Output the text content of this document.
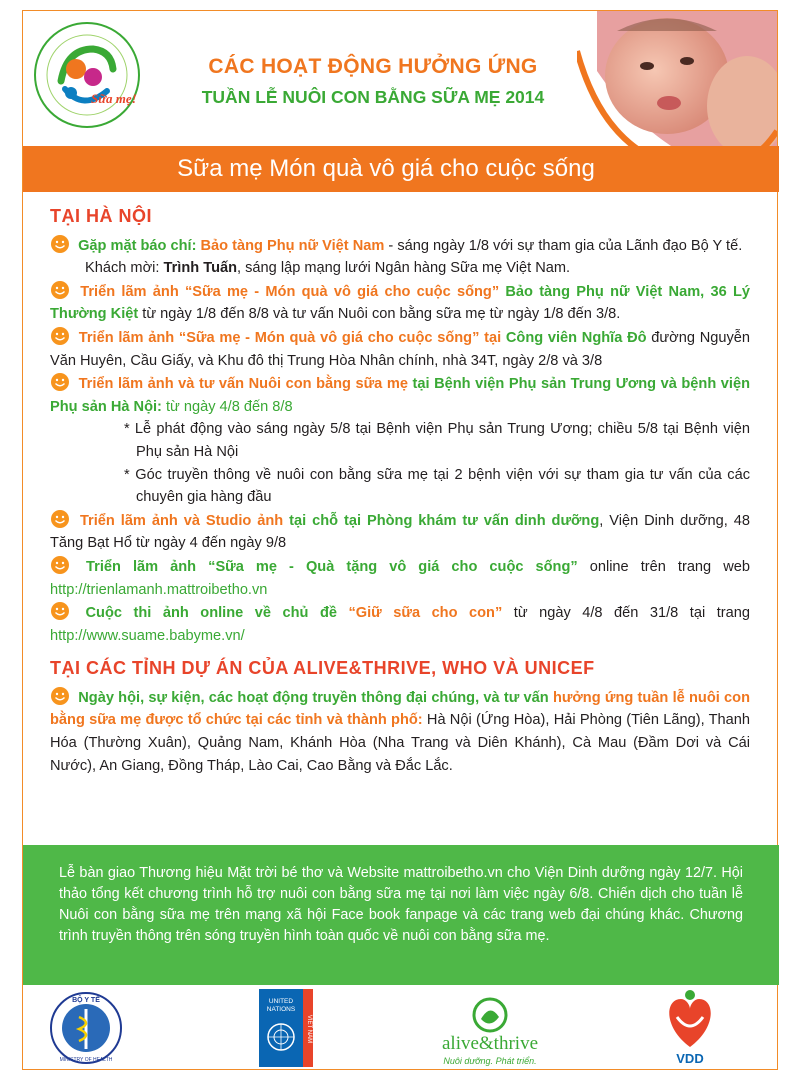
Sữa mẹ!
CÁC HOẠT ĐỘNG HƯỞNG ỨNG
TUẦN LỄ NUÔI CON BẰNG SỮA MẸ 2014
Sữa mẹ Món quà vô giá cho cuộc sống
TẠI HÀ NỘI
Gặp mặt báo chí: Bảo tàng Phụ nữ Việt Nam - sáng ngày 1/8 với sự tham gia của Lãnh đạo Bộ Y tế.
Khách mời: Trình Tuấn, sáng lập mạng lưới Ngân hàng Sữa mẹ Việt Nam.
Triển lãm ảnh “Sữa mẹ - Món quà vô giá cho cuộc sống” Bảo tàng Phụ nữ Việt Nam, 36 Lý Thường Kiệt từ ngày 1/8 đến 8/8 và tư vấn Nuôi con bằng sữa mẹ từ ngày 1/8 đến 3/8.
Triển lãm ảnh “Sữa mẹ - Món quà vô giá cho cuộc sống” tại Công viên Nghĩa Đô đường Nguyễn Văn Huyên, Cầu Giấy, và Khu đô thị Trung Hòa Nhân chính, nhà 34T, ngày 2/8 và 3/8
Triển lãm ảnh và tư vấn Nuôi con bằng sữa mẹ tại Bệnh viện Phụ sản Trung Ương và bệnh viện Phụ sản Hà Nội: từ ngày 4/8 đến 8/8
* Lễ phát động vào sáng ngày 5/8 tại Bệnh viện Phụ sản Trung Ương; chiều 5/8 tại Bệnh viện Phụ sản Hà Nội
* Góc truyền thông về nuôi con bằng sữa mẹ tại 2 bệnh viện với sự tham gia tư vấn của các chuyên gia hàng đầu
Triển lãm ảnh và Studio ảnh tại chỗ tại Phòng khám tư vấn dinh dưỡng, Viện Dinh dưỡng, 48 Tăng Bạt Hổ từ ngày 4 đến ngày 9/8
Triển lãm ảnh “Sữa mẹ - Quà tặng vô giá cho cuộc sống” online trên trang web http://trienlamanh.mattroibetho.vn
Cuộc thi ảnh online về chủ đề “Giữ sữa cho con” từ ngày 4/8 đến 31/8 tại trang http://www.suame.babyme.vn/
TẠI CÁC TỈNH DỰ ÁN CỦA ALIVE&THRIVE, WHO VÀ UNICEF
Ngày hội, sự kiện, các hoạt động truyền thông đại chúng, và tư vấn hưởng ứng tuần lễ nuôi con bằng sữa mẹ được tổ chức tại các tỉnh và thành phố: Hà Nội (Ứng Hòa), Hải Phòng (Tiên Lãng), Thanh Hóa (Thường Xuân), Quảng Nam, Khánh Hòa (Nha Trang và Diên Khánh), Cà Mau (Đầm Dơi và Cái Nước), An Giang, Đồng Tháp, Lào Cai, Cao Bằng và Đắc Lắc.
Lễ bàn giao Thương hiệu Mặt trời bé thơ và Website mattroibetho.vn cho Viện Dinh dưỡng ngày 12/7. Hội thảo tổng kết chương trình hỗ trợ nuôi con bằng sữa mẹ tại nơi làm việc ngày 6/8. Chiến dịch cho tuần lễ Nuôi con bằng sữa mẹ trên mạng xã hội Face book fanpage và các trang web đại chúng khác. Chương trình truyền thông trên sóng truyền hình toàn quốc về nuôi con bằng sữa mẹ.
BỘ Y TẾ
MINISTRY OF HEALTH
UNITED
NATIONS
VIET NAM
alive&thrive
Nuôi dưỡng. Phát triển.	VDD
